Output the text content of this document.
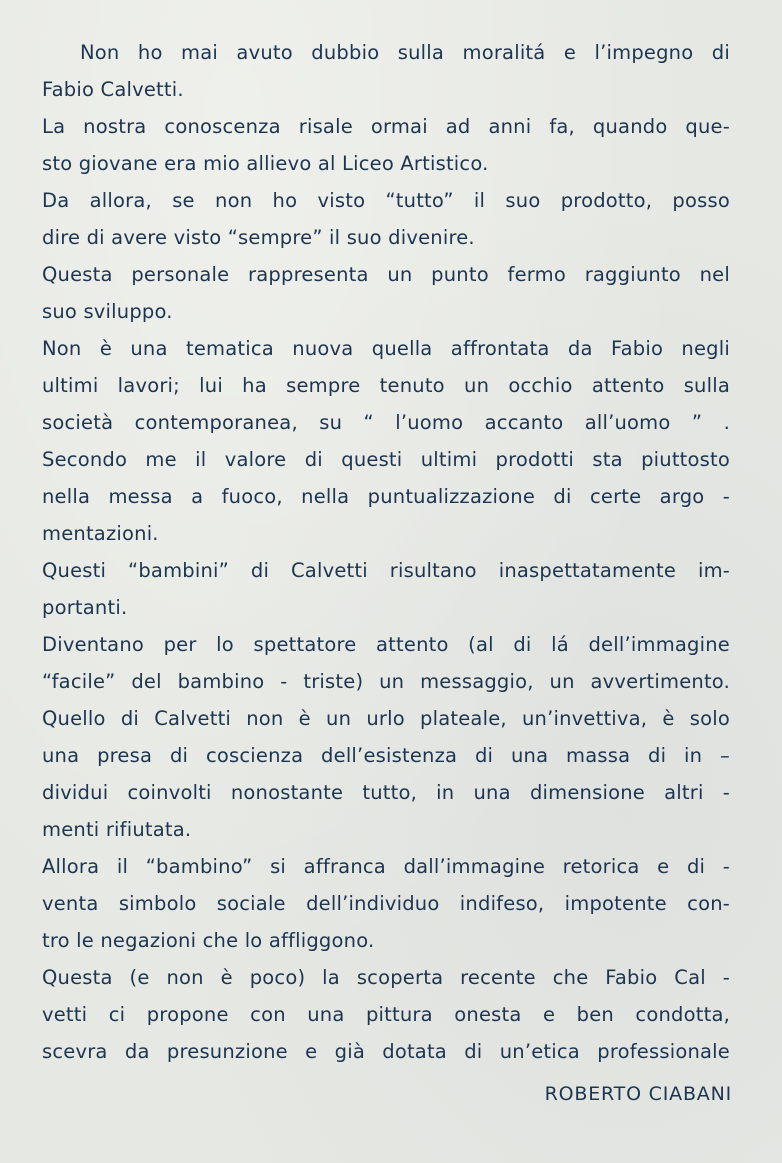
Non ho mai avuto dubbio sulla moralitá e l’impegno di
Fabio Calvetti.
La nostra conoscenza risale ormai ad anni fa, quando que-
sto giovane era mio allievo al Liceo Artistico.
Da allora, se non ho visto “tutto” il suo prodotto, posso
dire di avere visto “sempre” il suo divenire.
Questa personale rappresenta un punto fermo raggiunto nel
suo sviluppo.
Non è una tematica nuova quella affrontata da Fabio negli
ultimi lavori; lui ha sempre tenuto un occhio attento sulla
società contemporanea, su “ l’uomo accanto all’uomo ” .
Secondo me il valore di questi ultimi prodotti sta piuttosto
nella messa a fuoco, nella puntualizzazione di certe argo -
mentazioni.
Questi “bambini” di Calvetti risultano inaspettatamente im-
portanti.
Diventano per lo spettatore attento (al di lá dell’immagine
“facile” del bambino - triste) un messaggio, un avvertimento.
Quello di Calvetti non è un urlo plateale, un’invettiva, è solo
una presa di coscienza dell’esistenza di una massa di in –
dividui coinvolti nonostante tutto, in una dimensione altri -
menti rifiutata.
Allora il “bambino” si affranca dall’immagine retorica e di -
venta simbolo sociale dell’individuo indifeso, impotente con-
tro le negazioni che lo affliggono.
Questa (e non è poco) la scoperta recente che Fabio Cal -
vetti ci propone con una pittura onesta e ben condotta,
scevra da presunzione e già dotata di un’etica professionale
ROBERTO CIABANI
